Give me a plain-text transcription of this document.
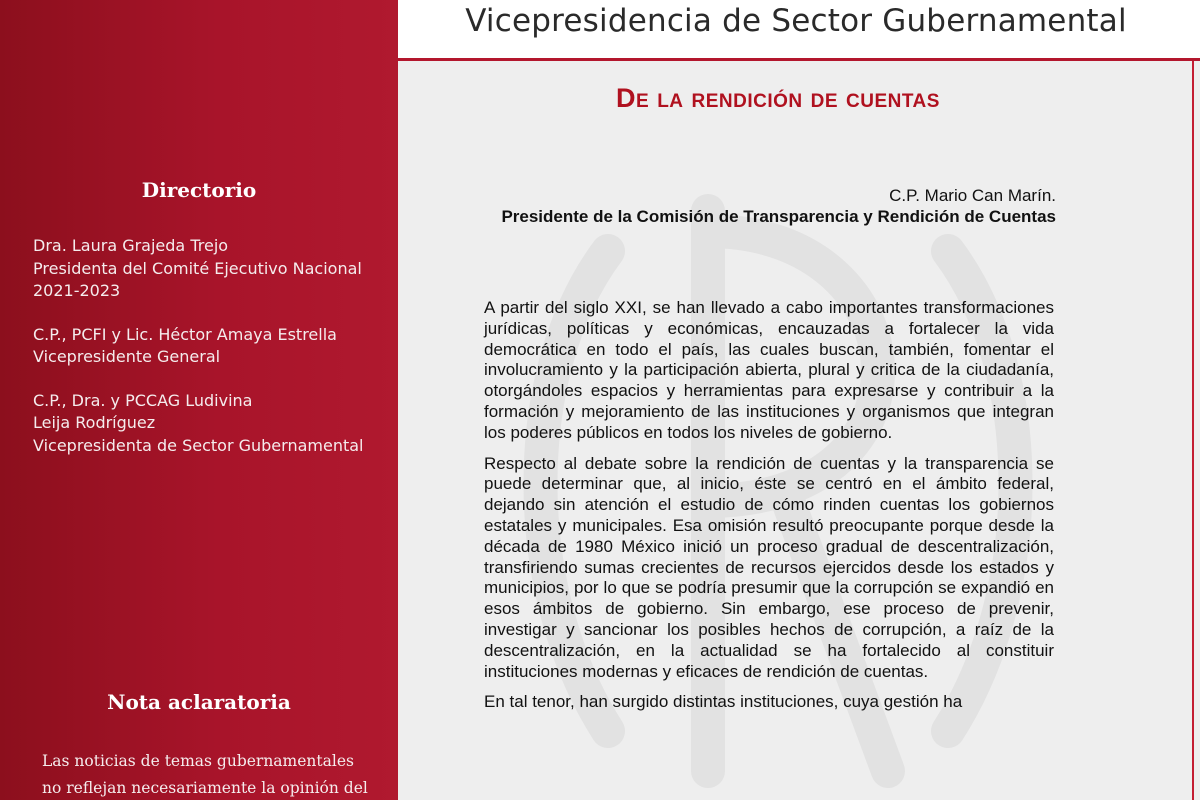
Directorio
Dra. Laura Grajeda Trejo
Presidenta del Comité Ejecutivo Nacional
2021-2023
C.P., PCFI y Lic. Héctor Amaya Estrella
Vicepresidente General
C.P., Dra. y PCCAG Ludivina
Leija Rodríguez
Vicepresidenta de Sector Gubernamental
Nota aclaratoria
Las noticias de temas gubernamentales
no reflejan necesariamente la opinión del
Vicepresidencia de Sector Gubernamental
De la rendición de cuentas
C.P. Mario Can Marín.
Presidente de la Comisión de Transparencia y Rendición de Cuentas

A partir del siglo XXI, se han llevado a cabo importantes transformaciones jurídicas, políticas y económicas, encauzadas a fortalecer la vida democrática en todo el país, las cuales buscan, también, fomentar el involucramiento y la participación abierta, plural y critica de la ciudadanía, otorgándoles espacios y herramientas para expresarse y contribuir a la formación y mejoramiento de las instituciones y organismos que integran los poderes públicos en todos los niveles de gobierno.

Respecto al debate sobre la rendición de cuentas y la transparencia se puede determinar que, al inicio, éste se centró en el ámbito federal, dejando sin atención el estudio de cómo rinden cuentas los gobiernos estatales y municipales. Esa omisión resultó preocupante porque desde la década de 1980 México inició un proceso gradual de descentralización, transfiriendo sumas crecientes de recursos ejercidos desde los estados y municipios, por lo que se podría presumir que la corrupción se expandió en esos ámbitos de gobierno. Sin embargo, ese proceso de prevenir, investigar y sancionar los posibles hechos de corrupción, a raíz de la descentralización, en la actualidad se ha fortalecido al constituir instituciones modernas y eficaces de rendición de cuentas.

En tal tenor, han surgido distintas instituciones, cuya gestión ha
